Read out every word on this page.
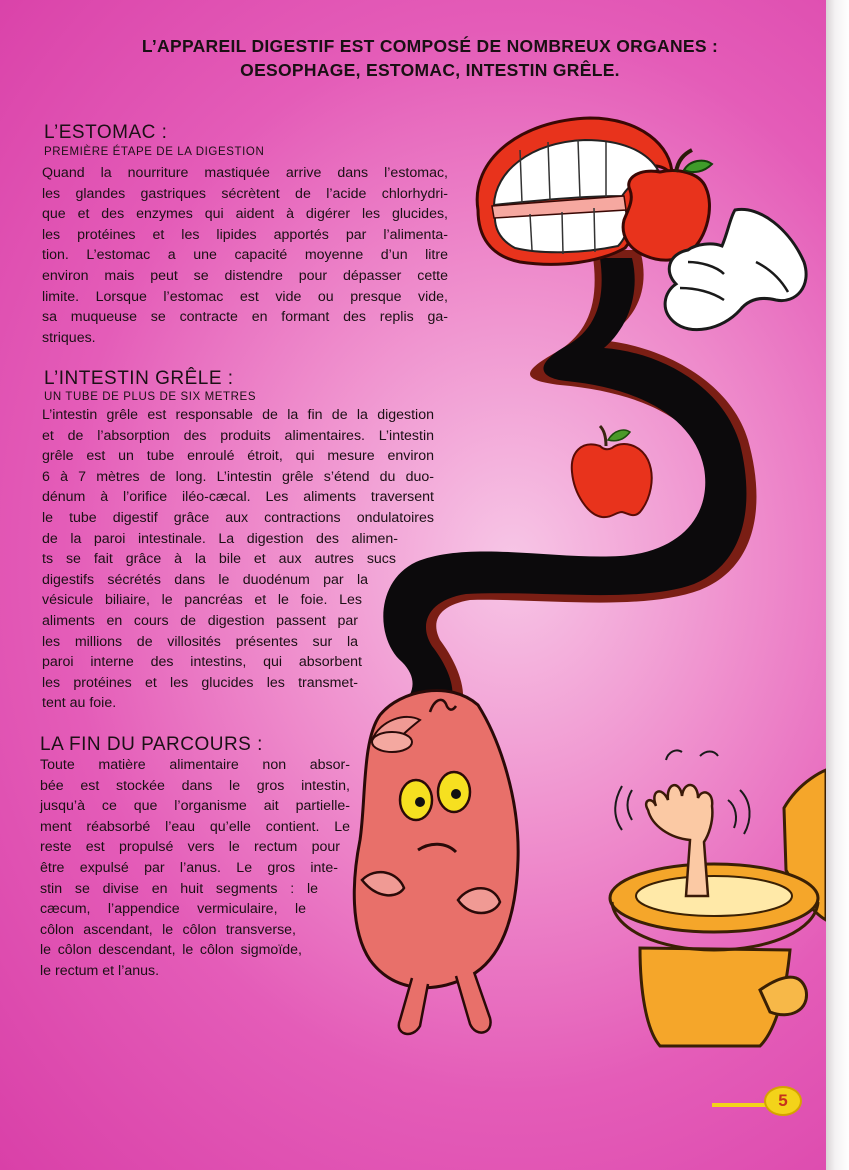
L’APPAREIL DIGESTIF EST COMPOSÉ DE NOMBREUX ORGANES :
OESOPHAGE, ESTOMAC, INTESTIN GRÊLE.
L’ESTOMAC :
PREMIÈRE ÉTAPE DE LA DIGESTION
Quand la nourriture mastiquée arrive dans l’estomac,
les glandes gastriques sécrètent de l’acide chlorhydri-
que et des enzymes qui aident à digérer les glucides,
les protéines et les lipides apportés par l’alimenta-
tion. L’estomac a une capacité moyenne d’un litre
environ mais peut se distendre pour dépasser cette
limite. Lorsque l’estomac est vide ou presque vide,
sa muqueuse se contracte en formant des replis ga-
striques.
L’INTESTIN GRÊLE :
UN TUBE DE PLUS DE SIX METRES
L’intestin grêle est responsable de la fin de la digestion
et de l’absorption des produits alimentaires. L’intestin
grêle est un tube enroulé étroit, qui mesure environ
6 à 7 mètres de long. L’intestin grêle s’étend du duo-
dénum à l’orifice iléo-cæcal. Les aliments traversent
le tube digestif grâce aux contractions ondulatoires
de la paroi intestinale. La digestion des alimen-
ts se fait grâce à la bile et aux autres sucs
digestifs sécrétés dans le duodénum par la
vésicule biliaire, le pancréas et le foie. Les
aliments en cours de digestion passent par
les millions de villosités présentes sur la
paroi interne des intestins, qui absorbent
les protéines et les glucides les transmet-
tent au foie.
LA FIN DU PARCOURS :
Toute matière alimentaire non absor-
bée est stockée dans le gros intestin,
jusqu’à ce que l’organisme ait partielle-
ment réabsorbé l’eau qu’elle contient. Le
reste est propulsé vers le rectum pour
être expulsé par l’anus. Le gros inte-
stin se divise en huit segments : le
cæcum, l’appendice vermiculaire, le
côlon ascendant, le côlon transverse,
le côlon descendant, le côlon sigmoïde,
le rectum et l’anus.
5
